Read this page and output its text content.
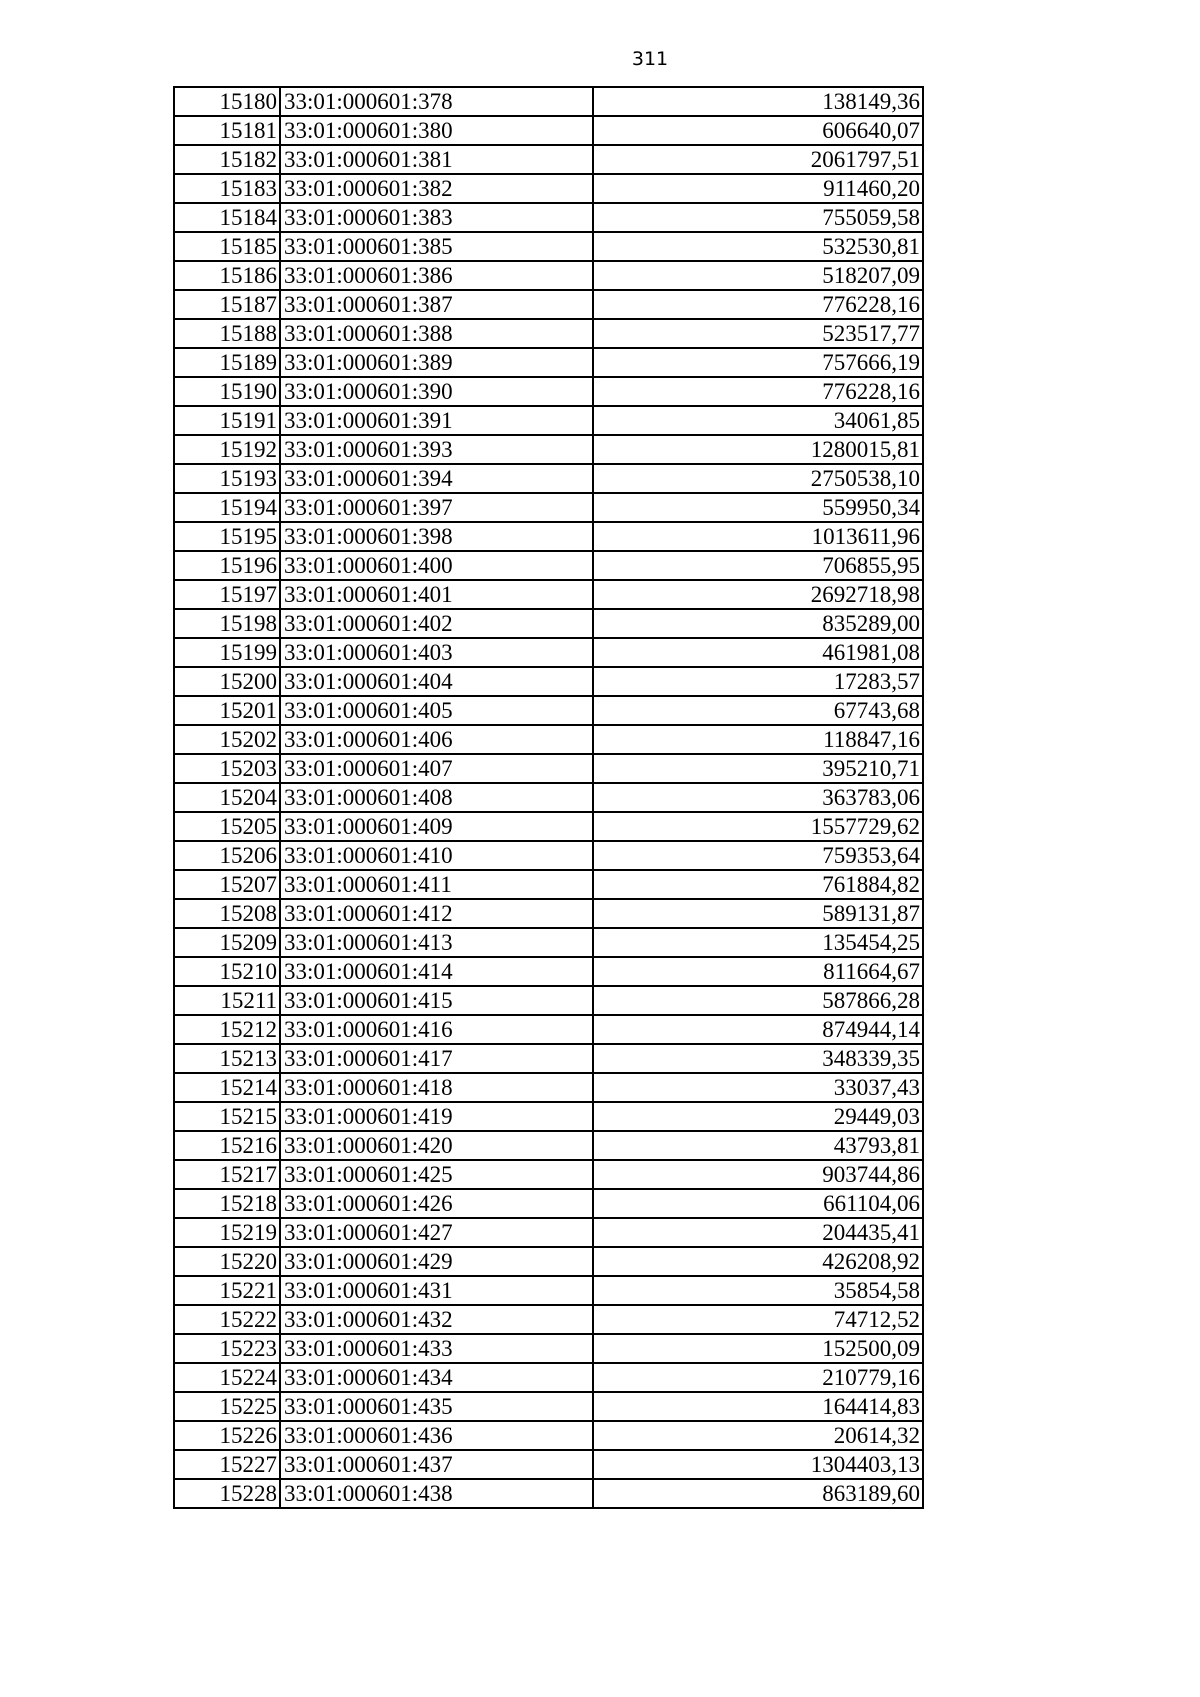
311
15180	33:01:000601:378	138149,36
15181	33:01:000601:380	606640,07
15182	33:01:000601:381	2061797,51
15183	33:01:000601:382	911460,20
15184	33:01:000601:383	755059,58
15185	33:01:000601:385	532530,81
15186	33:01:000601:386	518207,09
15187	33:01:000601:387	776228,16
15188	33:01:000601:388	523517,77
15189	33:01:000601:389	757666,19
15190	33:01:000601:390	776228,16
15191	33:01:000601:391	34061,85
15192	33:01:000601:393	1280015,81
15193	33:01:000601:394	2750538,10
15194	33:01:000601:397	559950,34
15195	33:01:000601:398	1013611,96
15196	33:01:000601:400	706855,95
15197	33:01:000601:401	2692718,98
15198	33:01:000601:402	835289,00
15199	33:01:000601:403	461981,08
15200	33:01:000601:404	17283,57
15201	33:01:000601:405	67743,68
15202	33:01:000601:406	118847,16
15203	33:01:000601:407	395210,71
15204	33:01:000601:408	363783,06
15205	33:01:000601:409	1557729,62
15206	33:01:000601:410	759353,64
15207	33:01:000601:411	761884,82
15208	33:01:000601:412	589131,87
15209	33:01:000601:413	135454,25
15210	33:01:000601:414	811664,67
15211	33:01:000601:415	587866,28
15212	33:01:000601:416	874944,14
15213	33:01:000601:417	348339,35
15214	33:01:000601:418	33037,43
15215	33:01:000601:419	29449,03
15216	33:01:000601:420	43793,81
15217	33:01:000601:425	903744,86
15218	33:01:000601:426	661104,06
15219	33:01:000601:427	204435,41
15220	33:01:000601:429	426208,92
15221	33:01:000601:431	35854,58
15222	33:01:000601:432	74712,52
15223	33:01:000601:433	152500,09
15224	33:01:000601:434	210779,16
15225	33:01:000601:435	164414,83
15226	33:01:000601:436	20614,32
15227	33:01:000601:437	1304403,13
15228	33:01:000601:438	863189,60
